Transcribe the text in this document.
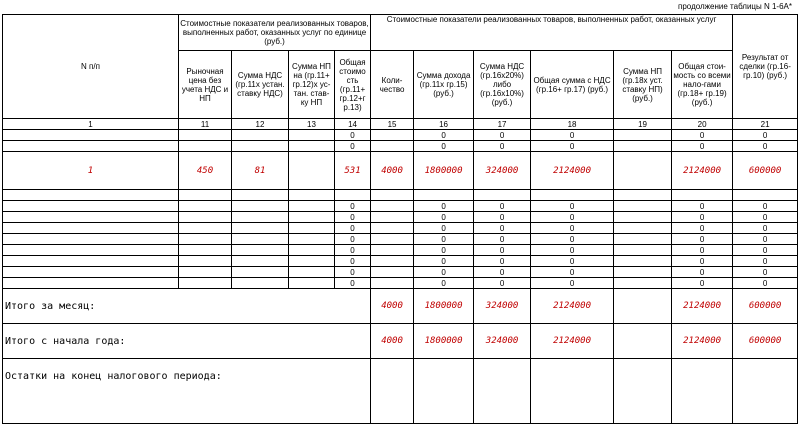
продолжение таблицы N 1-6А*
N п/п	Стоимостные показатели реализованных товаров, выполненных работ, оказанных услуг по единице (руб.)				Стоимостные показатели реализованных товаров, выполненных работ, оказанных услуг						Результат от сделки (гр.16-гр.10) (руб.)
	Рыночная цена без учета НДС и НП	Сумма НДС (гр.11х устан. ставку НДС)	Сумма НП на (гр.11+ гр.12)х ус-тан. став-ку НП	Общая стоимо сть (гр.11+ гр.12+г р.13)	Коли-чество	Сумма дохода (гр.11х гр.15) (руб.)	Сумма НДС (гр.16х20%) либо (гр.16х10%) (руб.)	Общая сумма с НДС (гр.16+ гр.17) (руб.)	Сумма НП (гр.18х уст. ставку НП) (руб.)	Общая стои-мость со всеми нало-гами (гр.18+ гр.19) (руб.)	
1	11	12	13	14	15	16	17	18	19	20	21
				0		0	0	0		0	0
				0		0	0	0		0	0
1	450	81		531	4000	1800000	324000	2124000		2124000	600000

				0		0	0	0		0	0
				0		0	0	0		0	0
				0		0	0	0		0	0
				0		0	0	0		0	0
				0		0	0	0		0	0
				0		0	0	0		0	0
				0		0	0	0		0	0
				0		0	0	0		0	0
Итого за месяц:					4000	1800000	324000	2124000		2124000	600000
Итого с начала года:					4000	1800000	324000	2124000		2124000	600000
Остатки на конец налогового периода:											
